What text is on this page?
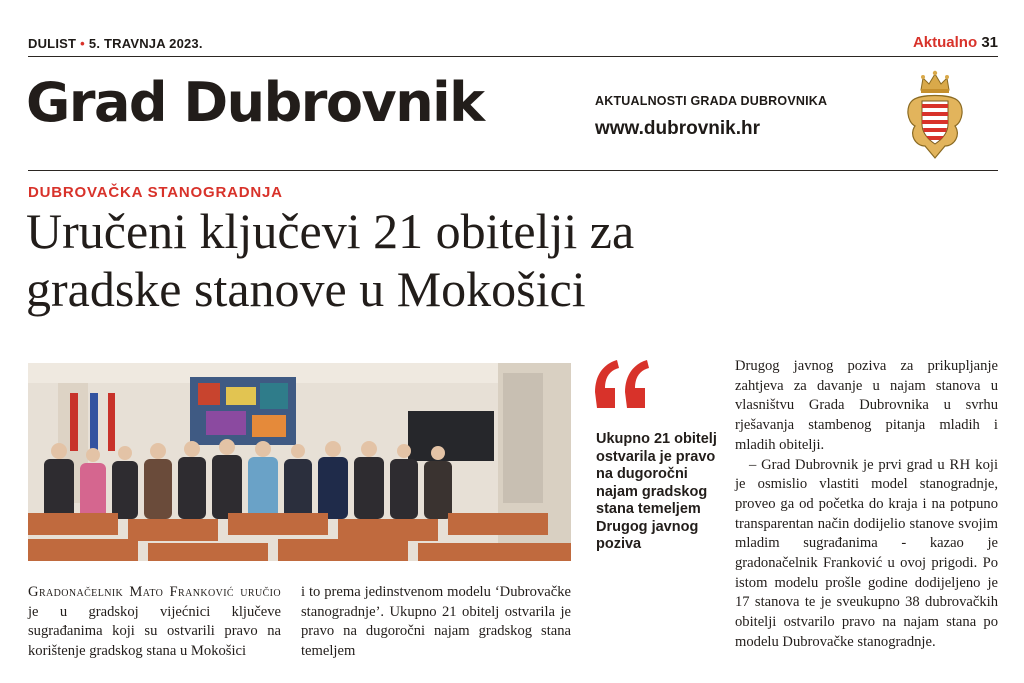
DULIST • 5. TRAVNJA 2023.	Aktualno 31
Grad Dubrovnik	AKTUALNOSTI GRADA DUBROVNIKA
www.dubrovnik.hr
DUBROVAČKA STANOGRADNJA
Uručeni ključevi 21 obitelji za
gradske stanove u Mokošici
Ukupno 21 obitelj ostvarila je pravo na dugoročni najam gradskog stana temeljem Drugog javnog poziva

Gradonačelnik Mato Franković uručio je u gradskoj vijećnici ključeve sugrađanima koji su ostvarili pravo na korištenje gradskog stana u Mokošici

i to prema jedinstvenom modelu ‘Dubrovačke stanogradnje’. Ukupno 21 obitelj ostvarila je pravo na dugoročni najam gradskog stana temeljem

Drugog javnog poziva za prikupljanje zahtjeva za davanje u najam stanova u vlasništvu Grada Dubrovnika u svrhu rješavanja stambenog pitanja mladih i mladih obitelji.

– Grad Dubrovnik je prvi grad u RH koji je osmislio vlastiti model stanogradnje, proveo ga od početka do kraja i na potpuno transparentan način dodijelio stanove svojim mladim sugrađanima - kazao je gradonačelnik Franković u ovoj prigodi. Po istom modelu prošle godine dodijeljeno je 17 stanova te je sveukupno 38 dubrovačkih obitelji ostvarilo pravo na najam stana po modelu Dubrovačke stanogradnje.
